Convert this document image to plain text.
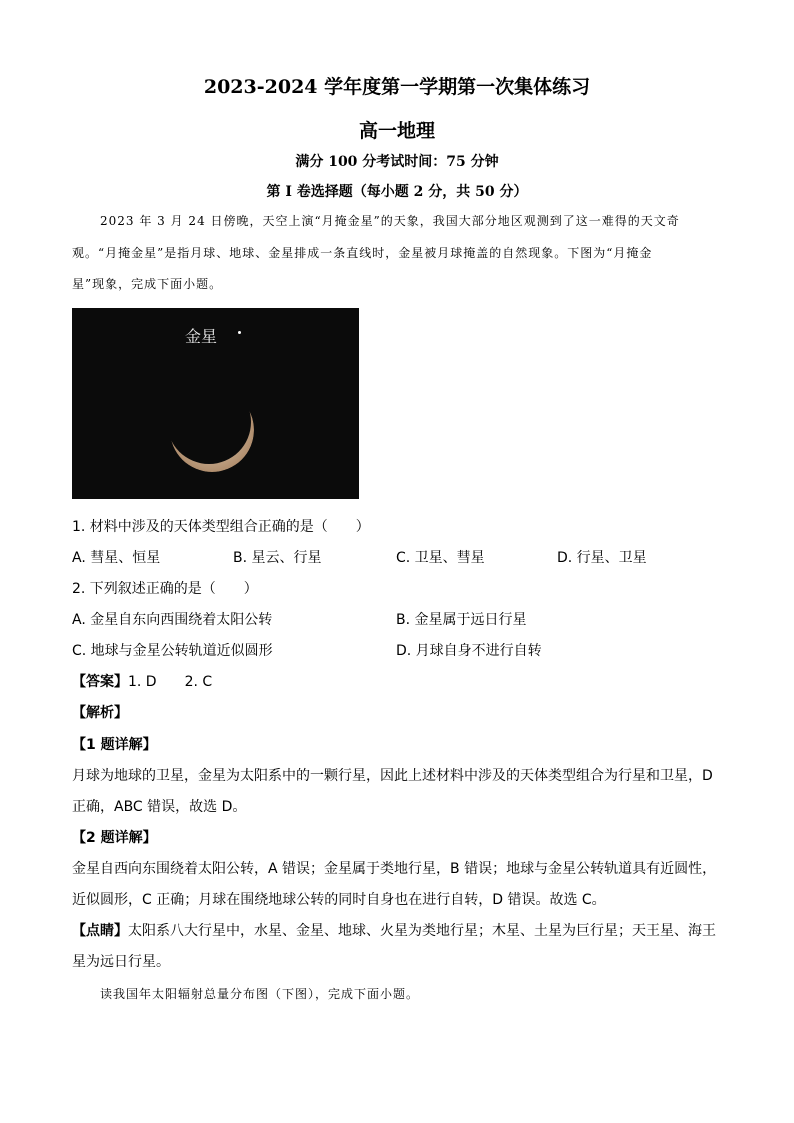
2023-2024 学年度第一学期第一次集体练习
高一地理
满分 100 分考试时间：75 分钟
第 I 卷选择题（每小题 2 分，共 50 分）
2023 年 3 月 24 日傍晚，天空上演“月掩金星”的天象，我国大部分地区观测到了这一难得的天文奇
观。“月掩金星”是指月球、地球、金星排成一条直线时，金星被月球掩盖的自然现象。下图为“月掩金
星”现象，完成下面小题。
金星
1. 材料中涉及的天体类型组合正确的是（　　）
A. 彗星、恒星	B. 星云、行星	C. 卫星、彗星	D. 行星、卫星
2. 下列叙述正确的是（　　）
A. 金星自东向西围绕着太阳公转	B. 金星属于远日行星
C. 地球与金星公转轨道近似圆形	D. 月球自身不进行自转
【答案】1. D　　2. C
【解析】
【1 题详解】
月球为地球的卫星，金星为太阳系中的一颗行星，因此上述材料中涉及的天体类型组合为行星和卫星，D
正确，ABC 错误，故选 D。
【2 题详解】
金星自西向东围绕着太阳公转，A 错误；金星属于类地行星，B 错误；地球与金星公转轨道具有近圆性，
近似圆形，C 正确；月球在围绕地球公转的同时自身也在进行自转，D 错误。故选 C。
【点睛】太阳系八大行星中，水星、金星、地球、火星为类地行星；木星、土星为巨行星；天王星、海王
星为远日行星。
读我国年太阳辐射总量分布图（下图），完成下面小题。
